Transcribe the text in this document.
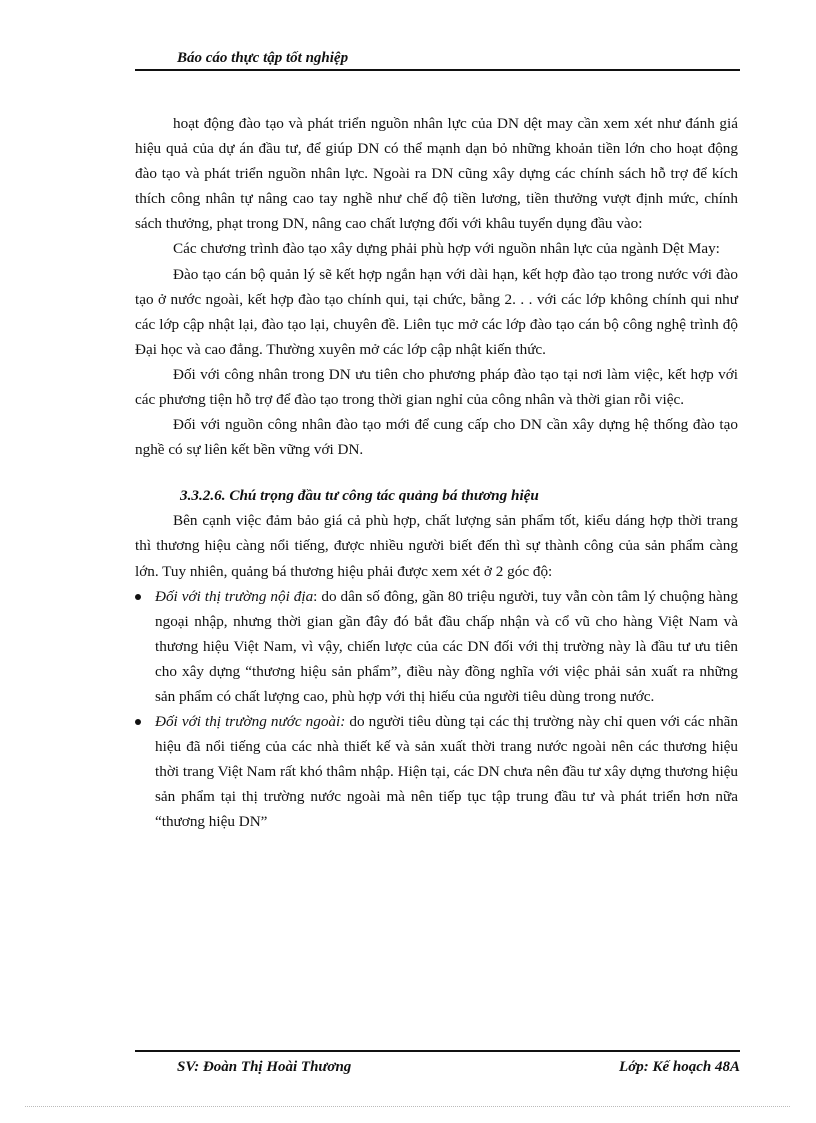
Báo cáo thực tập tốt nghiệp

hoạt động đào tạo và phát triển nguồn nhân lực của DN dệt may cần xem xét như đánh giá hiệu quả của dự án đầu tư, để giúp DN có thể mạnh dạn bỏ những khoản tiền lớn cho hoạt động đào tạo và phát triển nguồn nhân lực. Ngoài ra DN cũng xây dựng các chính sách hỗ trợ để kích thích công nhân tự nâng cao tay nghề như chế độ tiền lương, tiền thưởng vượt định mức, chính sách thưởng, phạt trong DN, nâng cao chất lượng đối với khâu tuyển dụng đầu vào:

Các chương trình đào tạo xây dựng phải phù hợp với nguồn nhân lực của ngành Dệt May:

Đào tạo cán bộ quản lý sẽ kết hợp ngắn hạn với dài hạn, kết hợp đào tạo trong nước với đào tạo ở nước ngoài, kết hợp đào tạo chính qui, tại chức, bằng 2. . . với các lớp không chính qui như các lớp cập nhật lại, đào tạo lại, chuyên đề. Liên tục mở các lớp đào tạo cán bộ công nghệ trình độ Đại học và cao đẳng. Thường xuyên mở các lớp cập nhật kiến thức.

Đối với công nhân trong DN ưu tiên cho phương pháp đào tạo tại nơi làm việc, kết hợp với các phương tiện hỗ trợ để đào tạo trong thời gian nghỉ của công nhân và thời gian rỗi việc.

Đối với nguồn công nhân đào tạo mới để cung cấp cho DN cần xây dựng hệ thống đào tạo nghề có sự liên kết bền vững với DN.

3.3.2.6. Chú trọng đầu tư công tác quảng bá thương hiệu

Bên cạnh việc đảm bảo giá cả phù hợp, chất lượng sản phẩm tốt, kiểu dáng hợp thời trang thì thương hiệu càng nổi tiếng, được nhiều người biết đến thì sự thành công của sản phẩm càng lớn. Tuy nhiên, quảng bá thương hiệu phải được xem xét ở 2 góc độ:

Đối với thị trường nội địa: do dân số đông, gần 80 triệu người, tuy vẫn còn tâm lý chuộng hàng ngoại nhập, nhưng thời gian gần đây đó bắt đầu chấp nhận và cổ vũ cho hàng Việt Nam và thương hiệu Việt Nam, vì vậy, chiến lược của các DN đối với thị trường này là đầu tư ưu tiên cho xây dựng “thương hiệu sản phẩm”, điều này đồng nghĩa với việc phải sản xuất ra những sản phẩm có chất lượng cao, phù hợp với thị hiếu của người tiêu dùng trong nước.
Đối với thị trường nước ngoài: do người tiêu dùng tại các thị trường này chỉ quen với các nhãn hiệu đã nổi tiếng của các nhà thiết kế và sản xuất thời trang nước ngoài nên các thương hiệu thời trang Việt Nam rất khó thâm nhập. Hiện tại, các DN chưa nên đầu tư xây dựng thương hiệu sản phẩm tại thị trường nước ngoài mà nên tiếp tục tập trung đầu tư và phát triển hơn nữa “thương hiệu DN”
SV: Đoàn Thị Hoài Thương	Lớp: Kế hoạch 48A
